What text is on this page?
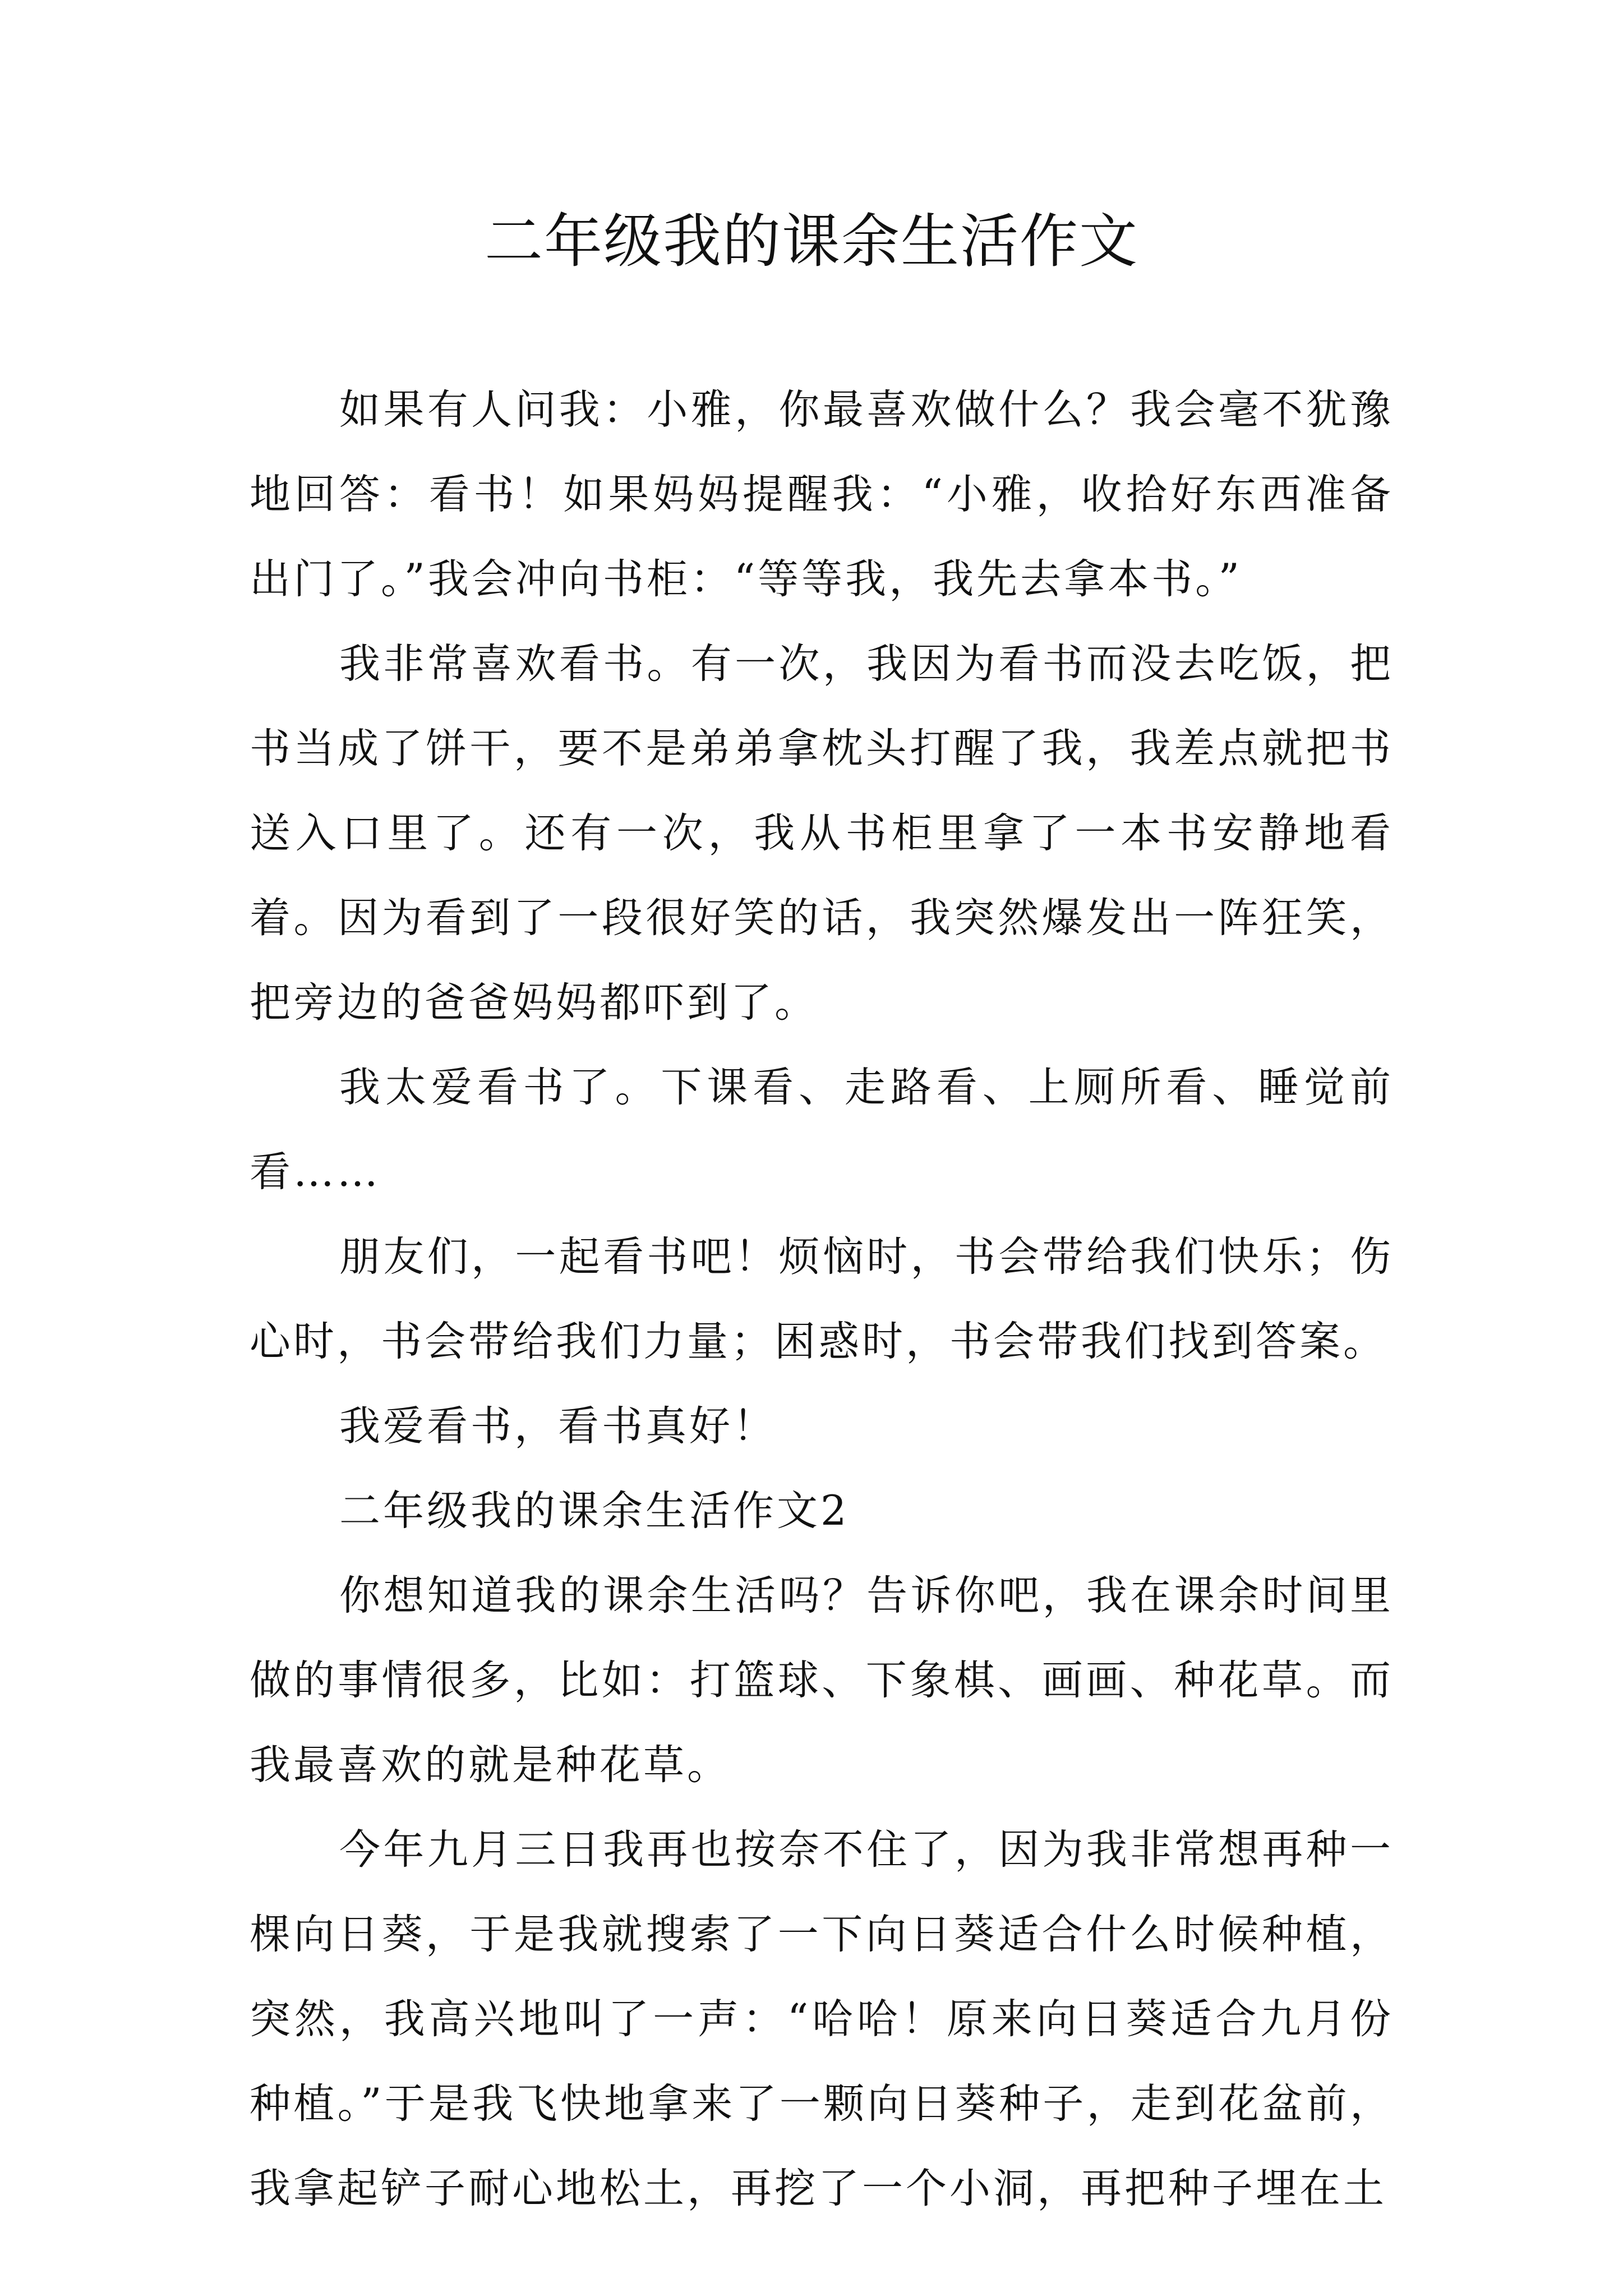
二年级我的课余生活作文

如果有人问我：小雅，你最喜欢做什么？我会毫不犹豫地回答：看书！如果妈妈提醒我：“小雅，收拾好东西准备出门了。”我会冲向书柜：“等等我，我先去拿本书。”

我非常喜欢看书。有一次，我因为看书而没去吃饭，把书当成了饼干，要不是弟弟拿枕头打醒了我，我差点就把书送入口里了。还有一次，我从书柜里拿了一本书安静地看着。因为看到了一段很好笑的话，我突然爆发出一阵狂笑，把旁边的爸爸妈妈都吓到了。

我太爱看书了。下课看、走路看、上厕所看、睡觉前看……

朋友们，一起看书吧！烦恼时，书会带给我们快乐；伤心时，书会带给我们力量；困惑时，书会带我们找到答案。

我爱看书，看书真好！

二年级我的课余生活作文2

你想知道我的课余生活吗？告诉你吧，我在课余时间里做的事情很多，比如：打篮球、下象棋、画画、种花草。而我最喜欢的就是种花草。

今年九月三日我再也按奈不住了，因为我非常想再种一棵向日葵，于是我就搜索了一下向日葵适合什么时候种植，突然，我高兴地叫了一声：“哈哈！原来向日葵适合九月份种植。”于是我飞快地拿来了一颗向日葵种子，走到花盆前，我拿起铲子耐心地松土，再挖了一个小洞，再把种子埋在土
